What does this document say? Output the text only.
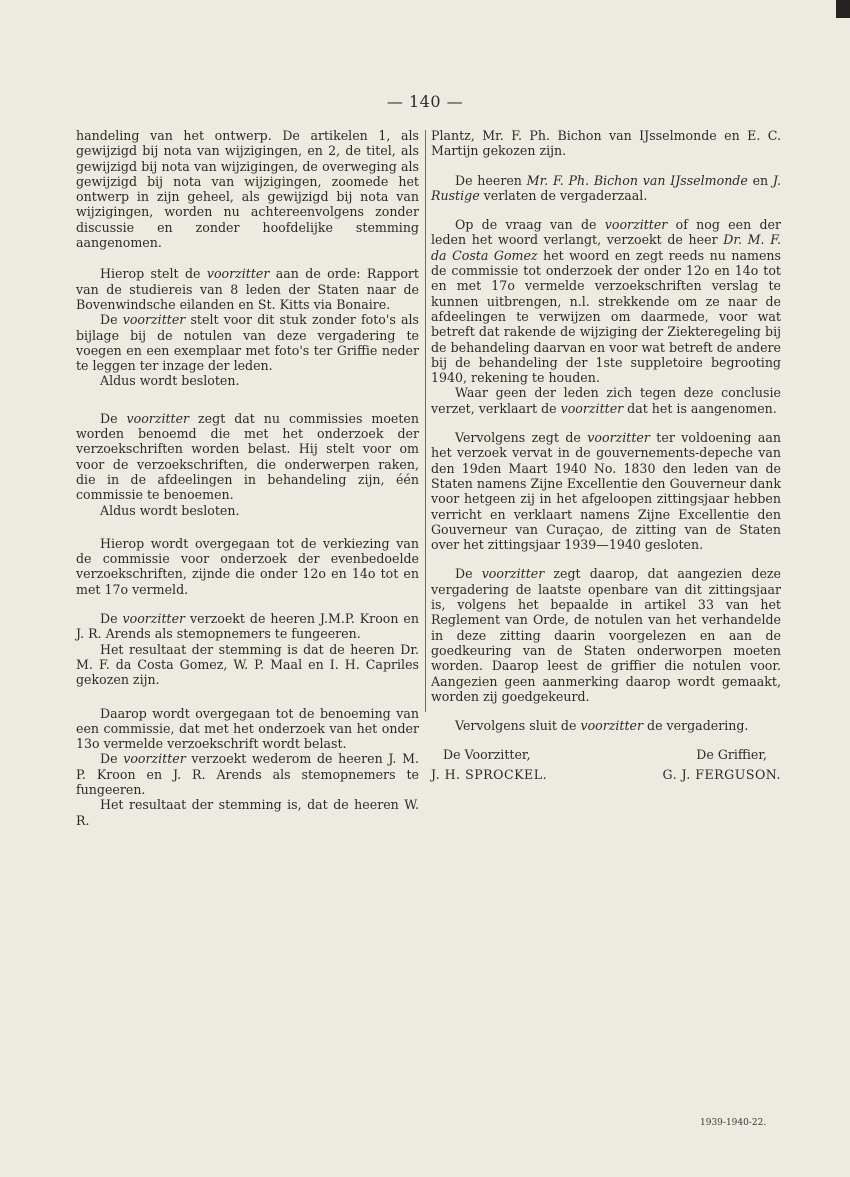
— 140 —

handeling van het ontwerp. De artikelen 1, als gewijzigd bij nota van wijzigingen, en 2, de titel, als gewijzigd bij nota van wijzigingen, de overweging als gewijzigd bij nota van wijzigingen, zoomede het ontwerp in zijn geheel, als gewijzigd bij nota van wijzigingen, worden nu achtereenvolgens zonder discussie en zonder hoofdelijke stemming aangenomen.

Hierop stelt de voorzitter aan de orde: Rapport van de studiereis van 8 leden der Staten naar de Bovenwindsche eilanden en St. Kitts via Bonaire.

De voorzitter stelt voor dit stuk zonder foto's als bijlage bij de notulen van deze vergadering te voegen en een exemplaar met foto's ter Griffie neder te leggen ter inzage der leden.

Aldus wordt besloten.

De voorzitter zegt dat nu commissies moeten worden benoemd die met het onderzoek der verzoekschriften worden belast. Hij stelt voor om voor de verzoekschriften, die onderwerpen raken, die in de afdeelingen in behandeling zijn, één commissie te benoemen.

Aldus wordt besloten.

Hierop wordt overgegaan tot de verkiezing van de commissie voor onderzoek der evenbedoelde verzoekschriften, zijnde die onder 12o en 14o tot en met 17o vermeld.

De voorzitter verzoekt de heeren J.M.P. Kroon en J. R. Arends als stemopnemers te fungeeren.

Het resultaat der stemming is dat de heeren Dr. M. F. da Costa Gomez, W. P. Maal en I. H. Capriles gekozen zijn.

Daarop wordt overgegaan tot de benoeming van een commissie, dat met het onderzoek van het onder 13o vermelde verzoekschrift wordt belast.

De voorzitter verzoekt wederom de heeren J. M. P. Kroon en J. R. Arends als stemopnemers te fungeeren.

Het resultaat der stemming is, dat de heeren W. R.

Plantz, Mr. F. Ph. Bichon van IJsselmonde en E. C. Martijn gekozen zijn.

De heeren Mr. F. Ph. Bichon van IJsselmonde en J. Rustige verlaten de vergaderzaal.

Op de vraag van de voorzitter of nog een der leden het woord verlangt, verzoekt de heer Dr. M. F. da Costa Gomez het woord en zegt reeds nu namens de commissie tot onderzoek der onder 12o en 14o tot en met 17o vermelde verzoekschriften verslag te kunnen uitbrengen, n.l. strekkende om ze naar de afdeelingen te verwijzen om daarmede, voor wat betreft dat rakende de wijziging der Ziekteregeling bij de behandeling daarvan en voor wat betreft de andere bij de behandeling der 1ste suppletoire begrooting 1940, rekening te houden.

Waar geen der leden zich tegen deze conclusie verzet, verklaart de voorzitter dat het is aangenomen.

Vervolgens zegt de voorzitter ter voldoening aan het verzoek vervat in de gouvernements-depeche van den 19den Maart 1940 No. 1830 den leden van de Staten namens Zijne Excellentie den Gouverneur dank voor hetgeen zij in het afgeloopen zittingsjaar hebben verricht en verklaart namens Zijne Excellentie den Gouverneur van Curaçao, de zitting van de Staten over het zittingsjaar 1939—1940 gesloten.

De voorzitter zegt daarop, dat aangezien deze vergadering de laatste openbare van dit zittingsjaar is, volgens het bepaalde in artikel 33 van het Reglement van Orde, de notulen van het verhandelde in deze zitting daarin voorgelezen en aan de goedkeuring van de Staten onderworpen moeten worden. Daarop leest de griffier die notulen voor. Aangezien geen aanmerking daarop wordt gemaakt, worden zij goedgekeurd.

Vervolgens sluit de voorzitter de vergadering.

De Voorzitter,	De Griffier,
J. H. SPROCKEL.	G. J. FERGUSON.
1939-1940-22.
